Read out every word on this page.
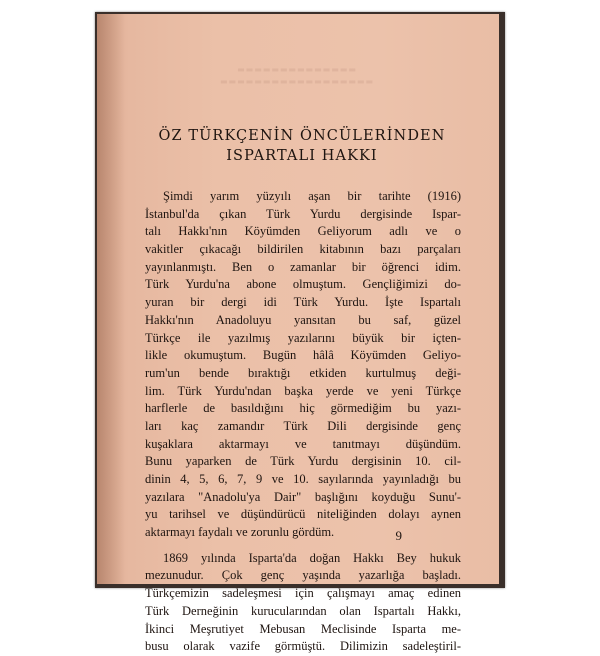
▬▬▬▬▬▬▬▬▬▬▬▬▬▬
▬▬▬▬▬▬▬▬▬▬▬▬▬▬▬▬▬▬
ÖZ TÜRKÇENİN ÖNCÜLERİNDEN
ISPARTALI HAKKI
Şimdi yarım yüzyılı aşan bir tarihte (1916)
İstanbul'da çıkan Türk Yurdu dergisinde Ispar-
talı Hakkı'nın Köyümden Geliyorum adlı ve o
vakitler çıkacağı bildirilen kitabının bazı parçaları
yayınlanmıştı. Ben o zamanlar bir öğrenci idim.
Türk Yurdu'na abone olmuştum. Gençliğimizi do-
yuran bir dergi idi Türk Yurdu. İşte Ispartalı
Hakkı'nın Anadoluyu yansıtan bu saf, güzel
Türkçe ile yazılmış yazılarını büyük bir içten-
likle okumuştum. Bugün hâlâ Köyümden Geliyo-
rum'un bende bıraktığı etkiden kurtulmuş deği-
lim. Türk Yurdu'ndan başka yerde ve yeni Türkçe
harflerle de basıldığını hiç görmediğim bu yazı-
ları kaç zamandır Türk Dili dergisinde genç
kuşaklara aktarmayı ve tanıtmayı düşündüm.
Bunu yaparken de Türk Yurdu dergisinin 10. cil-
dinin 4, 5, 6, 7, 9 ve 10. sayılarında yayınladığı bu
yazılara "Anadolu'ya Dair" başlığını koyduğu Sunu'-
yu tarihsel ve düşündürücü niteliğinden dolayı aynen
aktarmayı faydalı ve zorunlu gördüm.
1869 yılında Isparta'da doğan Hakkı Bey hukuk
mezunudur. Çok genç yaşında yazarlığa başladı.
Türkçemizin sadeleşmesi için çalışmayı amaç edinen
Türk Derneğinin kurucularından olan Ispartalı Hakkı,
İkinci Meşrutiyet Mebusan Meclisinde Isparta me-
busu olarak vazife görmüştü. Dilimizin sadeleştiril-
9
